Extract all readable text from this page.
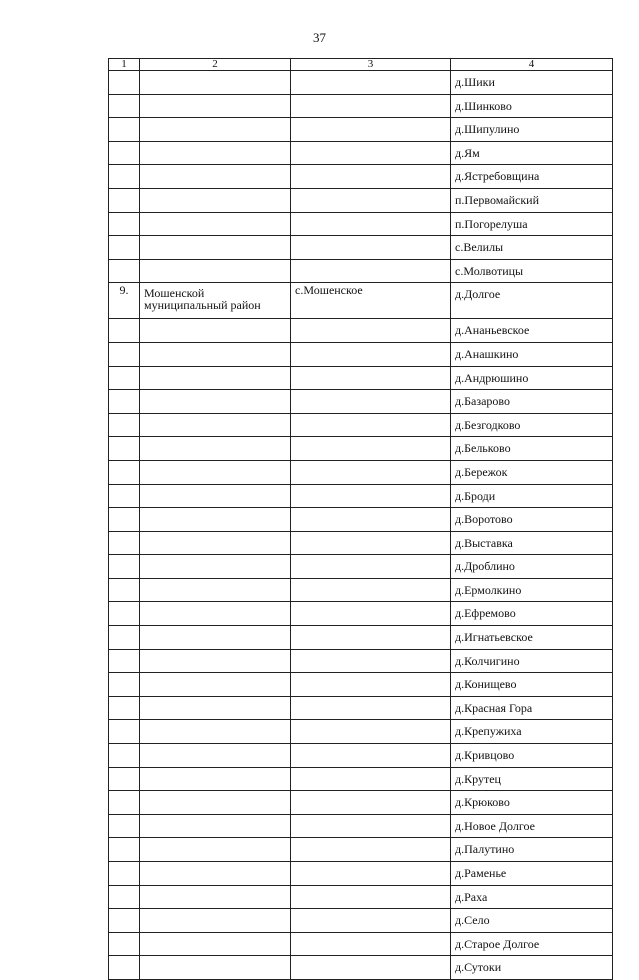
37
1	2	3	4
			д.Шики
			д.Шинково
			д.Шипулино
			д.Ям
			д.Ястребовщина
			п.Первомайский
			п.Погорелуша
			с.Велилы
			с.Молвотицы
9.	Мошенской муниципальный район	с.Мошенское	д.Долгое
			д.Ананьевское
			д.Анашкино
			д.Андрюшино
			д.Базарово
			д.Безгодково
			д.Бельково
			д.Бережок
			д.Броди
			д.Воротово
			д.Выставка
			д.Дроблино
			д.Ермолкино
			д.Ефремово
			д.Игнатьевское
			д.Колчигино
			д.Конищево
			д.Красная Гора
			д.Крепужиха
			д.Кривцово
			д.Крутец
			д.Крюково
			д.Новое Долгое
			д.Палутино
			д.Раменье
			д.Раха
			д.Село
			д.Старое Долгое
			д.Сутоки
